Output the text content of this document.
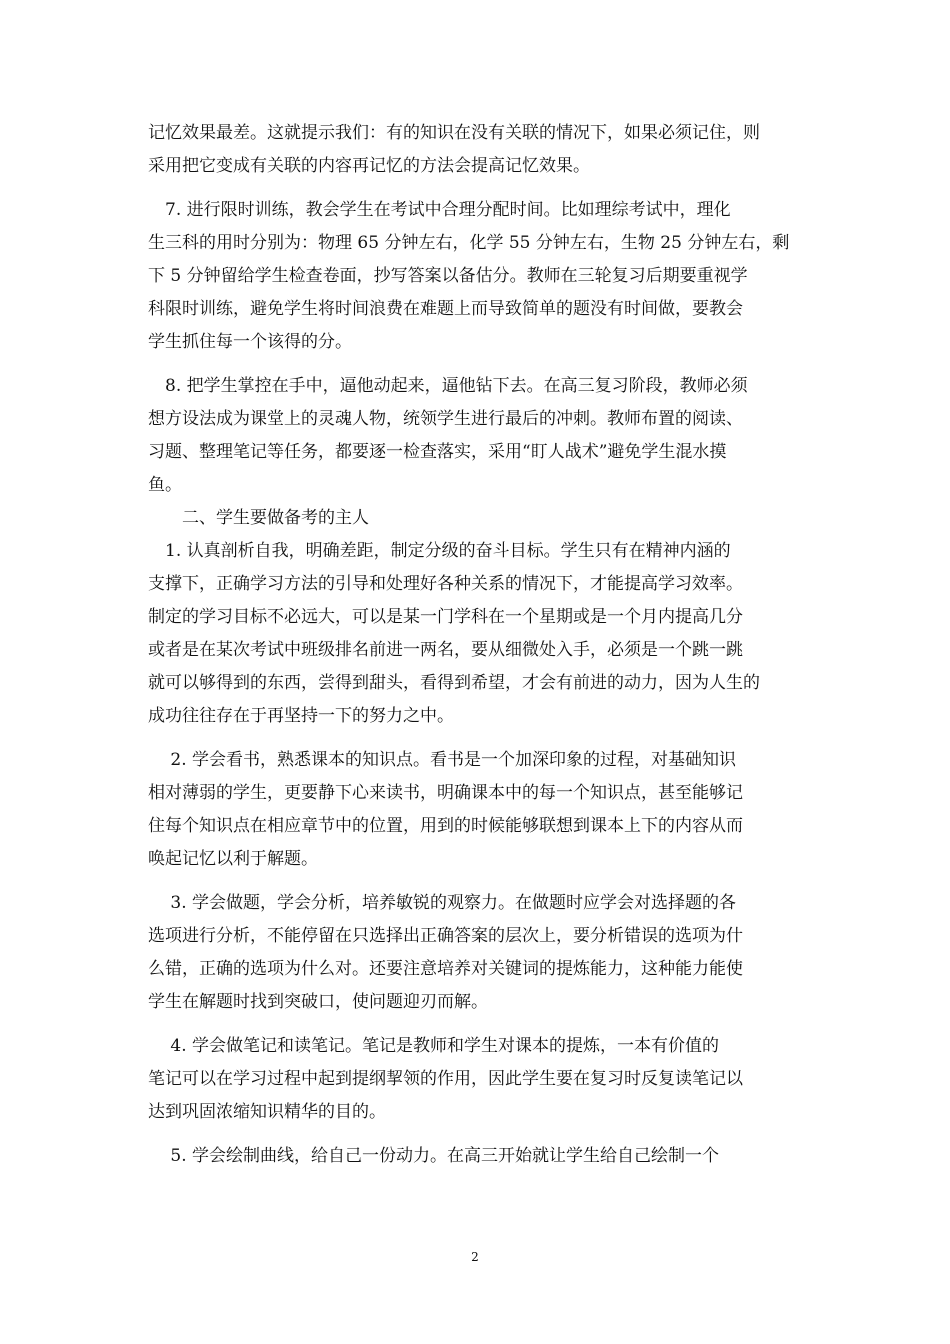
记忆效果最差。这就提示我们：有的知识在没有关联的情况下，如果必须记住，则
采用把它变成有关联的内容再记忆的方法会提高记忆效果。
　7. 进行限时训练，教会学生在考试中合理分配时间。比如理综考试中，理化
生三科的用时分别为：物理 65 分钟左右，化学 55 分钟左右，生物 25 分钟左右，剩
下 5 分钟留给学生检查卷面，抄写答案以备估分。教师在三轮复习后期要重视学
科限时训练，避免学生将时间浪费在难题上而导致简单的题没有时间做，要教会
学生抓住每一个该得的分。
　8. 把学生掌控在手中，逼他动起来，逼他钻下去。在高三复习阶段，教师必须
想方设法成为课堂上的灵魂人物，统领学生进行最后的冲刺。教师布置的阅读、
习题、整理笔记等任务，都要逐一检查落实，采用“盯人战术”避免学生混水摸
鱼。
　　二、学生要做备考的主人
　1. 认真剖析自我，明确差距，制定分级的奋斗目标。学生只有在精神内涵的
支撑下，正确学习方法的引导和处理好各种关系的情况下，才能提高学习效率。
制定的学习目标不必远大，可以是某一门学科在一个星期或是一个月内提高几分
或者是在某次考试中班级排名前进一两名，要从细微处入手，必须是一个跳一跳
就可以够得到的东西，尝得到甜头，看得到希望，才会有前进的动力，因为人生的
成功往往存在于再坚持一下的努力之中。
　 2. 学会看书，熟悉课本的知识点。看书是一个加深印象的过程，对基础知识
相对薄弱的学生，更要静下心来读书，明确课本中的每一个知识点，甚至能够记
住每个知识点在相应章节中的位置，用到的时候能够联想到课本上下的内容从而
唤起记忆以利于解题。
　 3. 学会做题，学会分析，培养敏锐的观察力。在做题时应学会对选择题的各
选项进行分析，不能停留在只选择出正确答案的层次上，要分析错误的选项为什
么错，正确的选项为什么对。还要注意培养对关键词的提炼能力，这种能力能使
学生在解题时找到突破口，使问题迎刃而解。
　 4. 学会做笔记和读笔记。笔记是教师和学生对课本的提炼，一本有价值的
笔记可以在学习过程中起到提纲挈领的作用，因此学生要在复习时反复读笔记以
达到巩固浓缩知识精华的目的。
　 5. 学会绘制曲线，给自己一份动力。在高三开始就让学生给自己绘制一个
2
